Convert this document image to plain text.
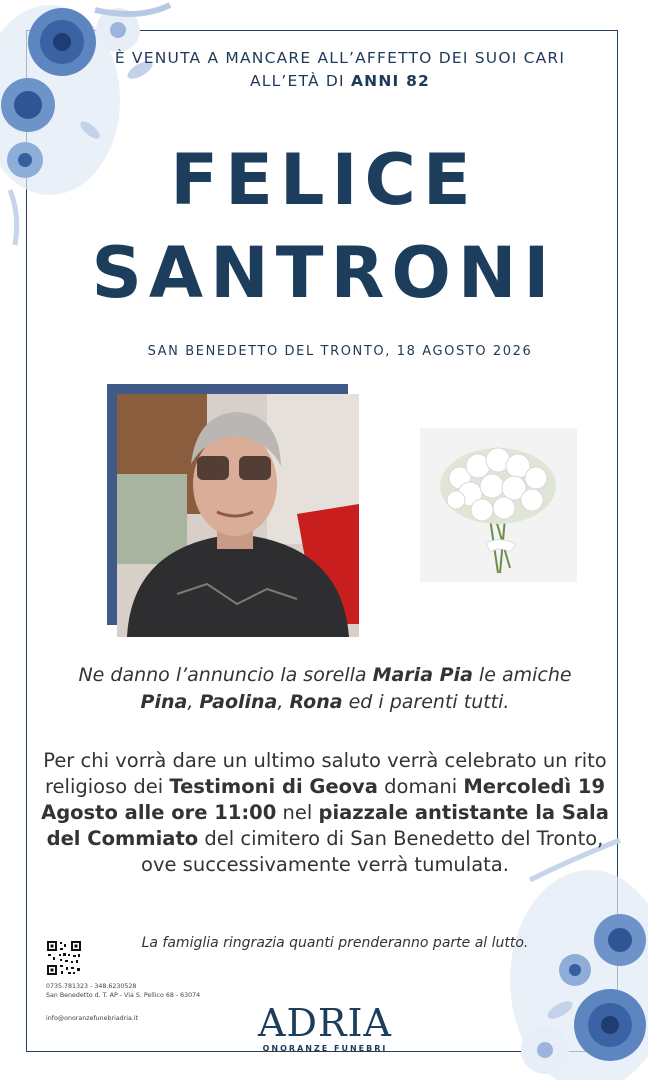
È VENUTA A MANCARE ALL’AFFETTO DEI SUOI CARI
ALL’ETÀ DI ANNI 82
FELICE
SANTRONI
SAN BENEDETTO DEL TRONTO, 18 AGOSTO 2026
Ne danno l’annuncio la sorella Maria Pia le amiche
Pina, Paolina, Rona ed i parenti tutti.
Per chi vorrà dare un ultimo saluto verrà celebrato un rito religioso dei Testimoni di Geova domani Mercoledì 19 Agosto alle ore 11:00 nel piazzale antistante la Sala del Commiato del cimitero di San Benedetto del Tronto, ove successivamente verrà tumulata.
La famiglia ringrazia quanti prenderanno parte al lutto.
0735.781323 - 348.6230528
San Benedetto d. T. AP - Via S. Pellico 68 - 63074
info@onoranzefunebriadria.it	ADRIA
ONORANZE FUNEBRI
